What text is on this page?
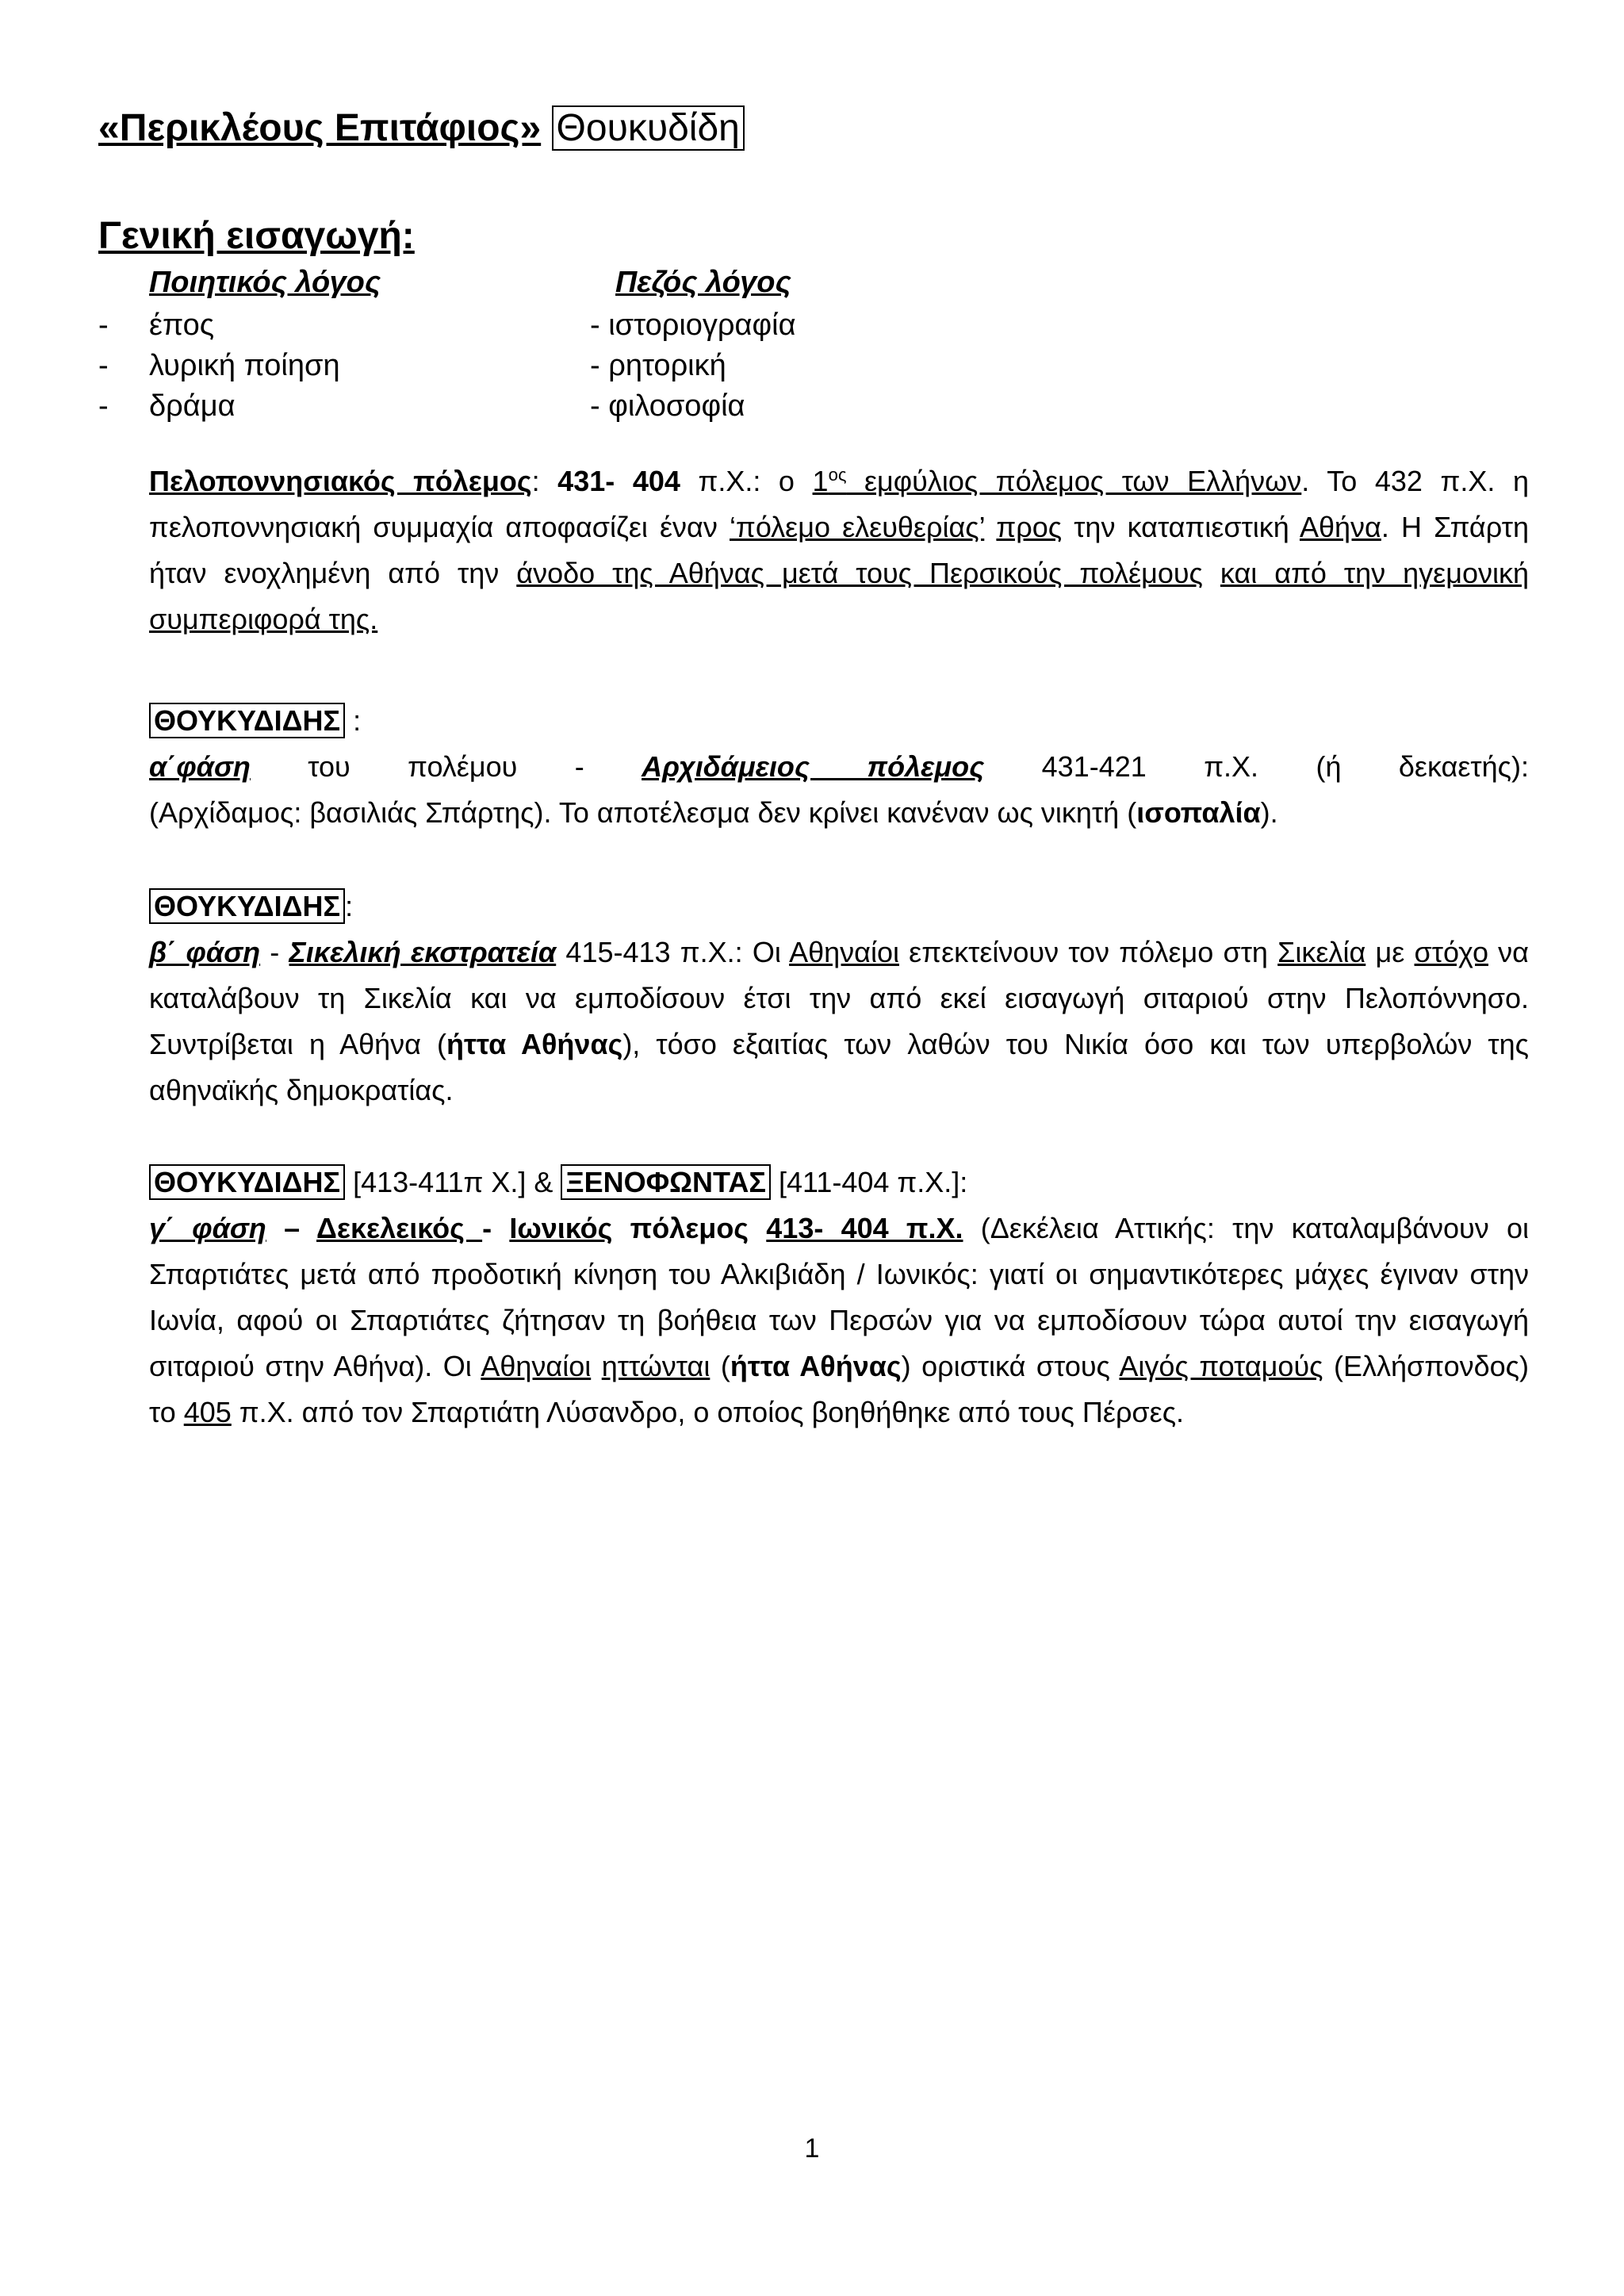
«Περικλέους Επιτάφιος» Θουκυδίδη
Γενική εισαγωγή:
Ποιητικός λόγος	Πεζός λόγος
-
-
-
έπος
λυρική ποίηση
δράμα
- ιστοριογραφία
- ρητορική
- φιλοσοφία
Πελοποννησιακός πόλεμος: 431- 404 π.Χ.: ο $1^{o\varsigma}$ εμφύλιος πόλεμος των Ελλήνων. Το 432 π.Χ. η πελοποννησιακή συμμαχία αποφασίζει έναν ‘πόλεμο ελευθερίας’ προς την καταπιεστική Αθήνα. Η Σπάρτη ήταν ενοχλημένη από την άνοδο της Αθήνας μετά τους Περσικούς πολέμους και από την ηγεμονική συμπεριφορά της.
ΘΟΥΚΥΔΙΔΗΣ :
α΄φάση του πολέμου - Αρχιδάμειος πόλεμος 431-421 π.Χ. (ή δεκαετής):
(Αρχίδαμος: βασιλιάς Σπάρτης). Το αποτέλεσμα δεν κρίνει κανέναν ως νικητή (ισοπαλία).
ΘΟΥΚΥΔΙΔΗΣ :
β΄ φάση - Σικελική εκστρατεία 415-413 π.Χ.: Οι Αθηναίοι επεκτείνουν τον πόλεμο στη Σικελία με στόχο να καταλάβουν τη Σικελία και να εμποδίσουν έτσι την από εκεί εισαγωγή σιταριού στην Πελοπόννησο. Συντρίβεται η Αθήνα (ήττα Αθήνας), τόσο εξαιτίας των λαθών του Νικία όσο και των υπερβολών της αθηναϊκής δημοκρατίας.
ΘΟΥΚΥΔΙΔΗΣ [413-411π Χ.] & ΞΕΝΟΦΩΝΤΑΣ [411-404 π.Χ.]:
γ΄ φάση – Δεκελεικός - Ιωνικός πόλεμος 413- 404 π.Χ. (Δεκέλεια Αττικής: την καταλαμβάνουν οι Σπαρτιάτες μετά από προδοτική κίνηση του Αλκιβιάδη / Ιωνικός: γιατί οι σημαντικότερες μάχες έγιναν στην Ιωνία, αφού οι Σπαρτιάτες ζήτησαν τη βοήθεια των Περσών για να εμποδίσουν τώρα αυτοί την εισαγωγή σιταριού στην Αθήνα). Οι Αθηναίοι ηττώνται (ήττα Αθήνας) οριστικά στους Αιγός ποταμούς (Ελλήσπονδος) το 405 π.Χ. από τον Σπαρτιάτη Λύσανδρο, ο οποίος βοηθήθηκε από τους Πέρσες.
1
